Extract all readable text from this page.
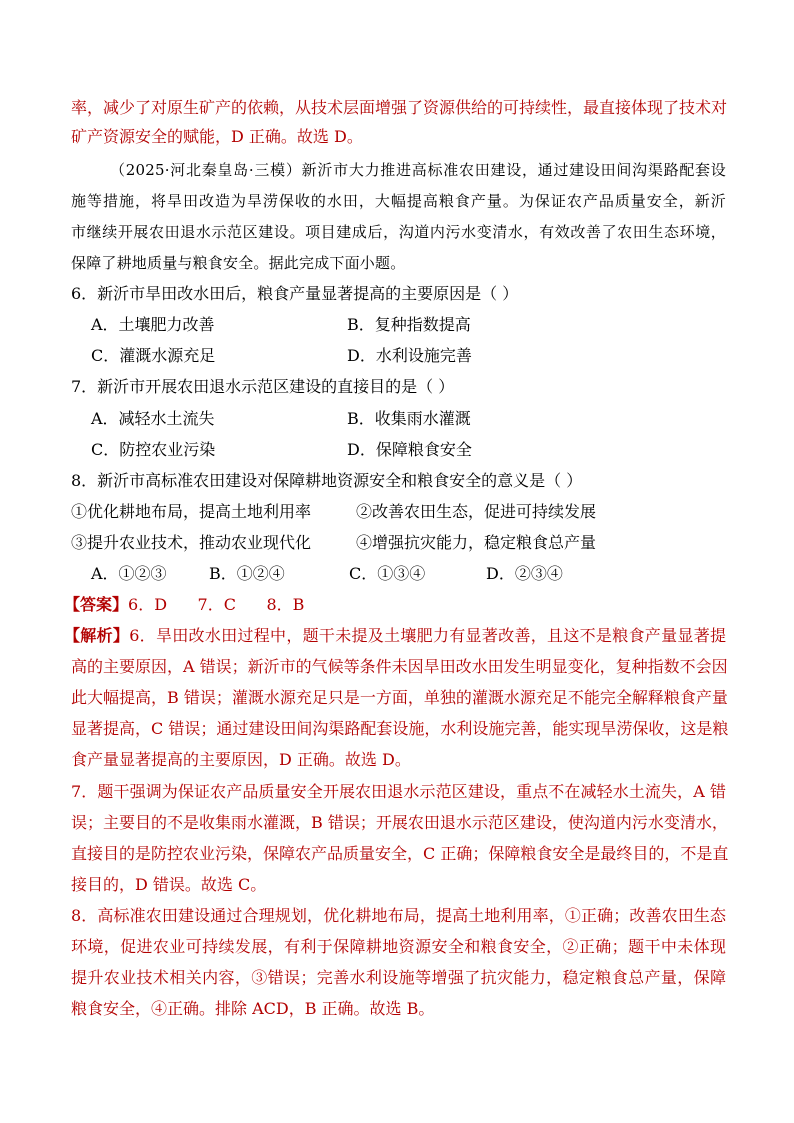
率，减少了对原生矿产的依赖，从技术层面增强了资源供给的可持续性，最直接体现了技术对
矿产资源安全的赋能，D 正确。故选 D。
（2025·河北秦皇岛·三模）新沂市大力推进高标准农田建设，通过建设田间沟渠路配套设
施等措施，将旱田改造为旱涝保收的水田，大幅提高粮食产量。为保证农产品质量安全，新沂
市继续开展农田退水示范区建设。项目建成后，沟道内污水变清水，有效改善了农田生态环境，
保障了耕地质量与粮食安全。据此完成下面小题。
6．新沂市旱田改水田后，粮食产量显著提高的主要原因是（ ）
A．土壤肥力改善	B．复种指数提高
C．灌溉水源充足	D．水利设施完善
7．新沂市开展农田退水示范区建设的直接目的是（ ）
A．减轻水土流失	B．收集雨水灌溉
C．防控农业污染	D．保障粮食安全
8．新沂市高标准农田建设对保障耕地资源安全和粮食安全的意义是（ ）
①优化耕地布局，提高土地利用率	②改善农田生态，促进可持续发展
③提升农业技术，推动农业现代化	④增强抗灾能力，稳定粮食总产量
A．①②③	B．①②④	C．①③④	D．②③④
【答案】6．D      7．C      8．B
【解析】6．旱田改水田过程中，题干未提及土壤肥力有显著改善，且这不是粮食产量显著提
高的主要原因，A 错误；新沂市的气候等条件未因旱田改水田发生明显变化，复种指数不会因
此大幅提高，B 错误；灌溉水源充足只是一方面，单独的灌溉水源充足不能完全解释粮食产量
显著提高，C 错误；通过建设田间沟渠路配套设施，水利设施完善，能实现旱涝保收，这是粮
食产量显著提高的主要原因，D 正确。故选 D。
7．题干强调为保证农产品质量安全开展农田退水示范区建设，重点不在减轻水土流失，A 错
误；主要目的不是收集雨水灌溉，B 错误；开展农田退水示范区建设，使沟道内污水变清水，
直接目的是防控农业污染，保障农产品质量安全，C 正确；保障粮食安全是最终目的，不是直
接目的，D 错误。故选 C。
8．高标准农田建设通过合理规划，优化耕地布局，提高土地利用率，①正确；改善农田生态
环境，促进农业可持续发展，有利于保障耕地资源安全和粮食安全，②正确；题干中未体现
提升农业技术相关内容，③错误；完善水利设施等增强了抗灾能力，稳定粮食总产量，保障
粮食安全，④正确。排除 ACD，B 正确。故选 B。
